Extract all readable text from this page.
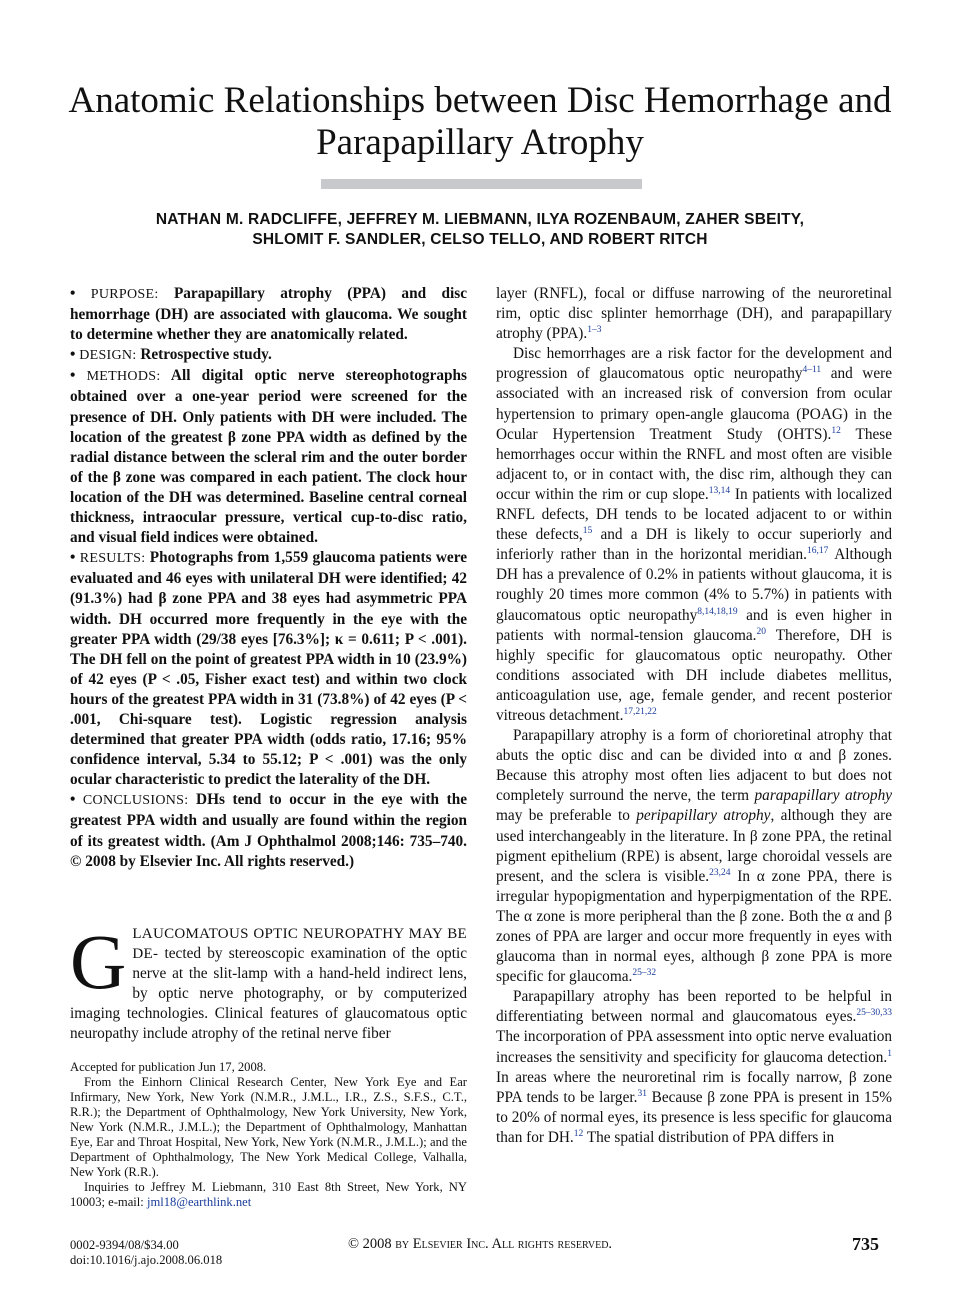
Anatomic Relationships between Disc Hemorrhage and Parapapillary Atrophy
NATHAN M. RADCLIFFE, JEFFREY M. LIEBMANN, ILYA ROZENBAUM, ZAHER SBEITY,
SHLOMIT F. SANDLER, CELSO TELLO, AND ROBERT RITCH

• PURPOSE: Parapapillary atrophy (PPA) and disc hemorrhage (DH) are associated with glaucoma. We sought to determine whether they are anatomically related.

• DESIGN: Retrospective study.

• METHODS: All digital optic nerve stereophotographs obtained over a one-year period were screened for the presence of DH. Only patients with DH were included. The location of the greatest β zone PPA width as defined by the radial distance between the scleral rim and the outer border of the β zone was compared in each patient. The clock hour location of the DH was determined. Baseline central corneal thickness, intraocular pressure, vertical cup-to-disc ratio, and visual field indices were obtained.

• RESULTS: Photographs from 1,559 glaucoma patients were evaluated and 46 eyes with unilateral DH were identified; 42 (91.3%) had β zone PPA and 38 eyes had asymmetric PPA width. DH occurred more frequently in the eye with the greater PPA width (29/38 eyes [76.3%]; κ = 0.611; P < .001). The DH fell on the point of greatest PPA width in 10 (23.9%) of 42 eyes (P < .05, Fisher exact test) and within two clock hours of the greatest PPA width in 31 (73.8%) of 42 eyes (P < .001, Chi-square test). Logistic regression analysis determined that greater PPA width (odds ratio, 17.16; 95% confidence interval, 5.34 to 55.12; P < .001) was the only ocular characteristic to predict the laterality of the DH.

• CONCLUSIONS: DHs tend to occur in the eye with the greatest PPA width and usually are found within the region of its greatest width. (Am J Ophthalmol 2008;146: 735–740. © 2008 by Elsevier Inc. All rights reserved.)

GLAUCOMATOUS OPTIC NEUROPATHY MAY BE DE- tected by stereoscopic examination of the optic nerve at the slit-lamp with a hand-held indirect lens, by optic nerve photography, or by computerized imaging technologies. Clinical features of glaucomatous optic neuropathy include atrophy of the retinal nerve fiber

Accepted for publication Jun 17, 2008.

From the Einhorn Clinical Research Center, New York Eye and Ear Infirmary, New York, New York (N.M.R., J.M.L., I.R., Z.S., S.F.S., C.T., R.R.); the Department of Ophthalmology, New York University, New York, New York (N.M.R., J.M.L.); the Department of Ophthalmology, Manhattan Eye, Ear and Throat Hospital, New York, New York (N.M.R., J.M.L.); and the Department of Ophthalmology, The New York Medical College, Valhalla, New York (R.R.).

Inquiries to Jeffrey M. Liebmann, 310 East 8th Street, New York, NY 10003; e-mail: jml18@earthlink.net

layer (RNFL), focal or diffuse narrowing of the neuroretinal rim, optic disc splinter hemorrhage (DH), and parapapillary atrophy (PPA).$^{1-3}$

Disc hemorrhages are a risk factor for the development and progression of glaucomatous optic neuropathy$^{4-11}$ and were associated with an increased risk of conversion from ocular hypertension to primary open-angle glaucoma (POAG) in the Ocular Hypertension Treatment Study (OHTS).$^{12}$ These hemorrhages occur within the RNFL and most often are visible adjacent to, or in contact with, the disc rim, although they can occur within the rim or cup slope.$^{13,14}$ In patients with localized RNFL defects, DH tends to be located adjacent to or within these defects,$^{15}$ and a DH is likely to occur superiorly and inferiorly rather than in the horizontal meridian.$^{16,17}$ Although DH has a prevalence of 0.2% in patients without glaucoma, it is roughly 20 times more common (4% to 5.7%) in patients with glaucomatous optic neuropathy$^{8,14,18,19}$ and is even higher in patients with normal-tension glaucoma.$^{20}$ Therefore, DH is highly specific for glaucomatous optic neuropathy. Other conditions associated with DH include diabetes mellitus, anticoagulation use, age, female gender, and recent posterior vitreous detachment.$^{17,21,22}$

Parapapillary atrophy is a form of chorioretinal atrophy that abuts the optic disc and can be divided into α and β zones. Because this atrophy most often lies adjacent to but does not completely surround the nerve, the term parapapillary atrophy may be preferable to peripapillary atrophy, although they are used interchangeably in the literature. In β zone PPA, the retinal pigment epithelium (RPE) is absent, large choroidal vessels are present, and the sclera is visible.$^{23,24}$ In α zone PPA, there is irregular hypopigmentation and hyperpigmentation of the RPE. The α zone is more peripheral than the β zone. Both the α and β zones of PPA are larger and occur more frequently in eyes with glaucoma than in normal eyes, although β zone PPA is more specific for glaucoma.$^{25-32}$

Parapapillary atrophy has been reported to be helpful in differentiating between normal and glaucomatous eyes.$^{25-30,33}$ The incorporation of PPA assessment into optic nerve evaluation increases the sensitivity and specificity for glaucoma detection.$^1$ In areas where the neuroretinal rim is focally narrow, β zone PPA tends to be larger.$^{31}$ Because β zone PPA is present in 15% to 20% of normal eyes, its presence is less specific for glaucoma than for DH.$^{12}$ The spatial distribution of PPA differs in

0002-9394/08/$34.00
doi:10.1016/j.ajo.2008.06.018
© 2008 by Elsevier Inc. All rights reserved.	735
